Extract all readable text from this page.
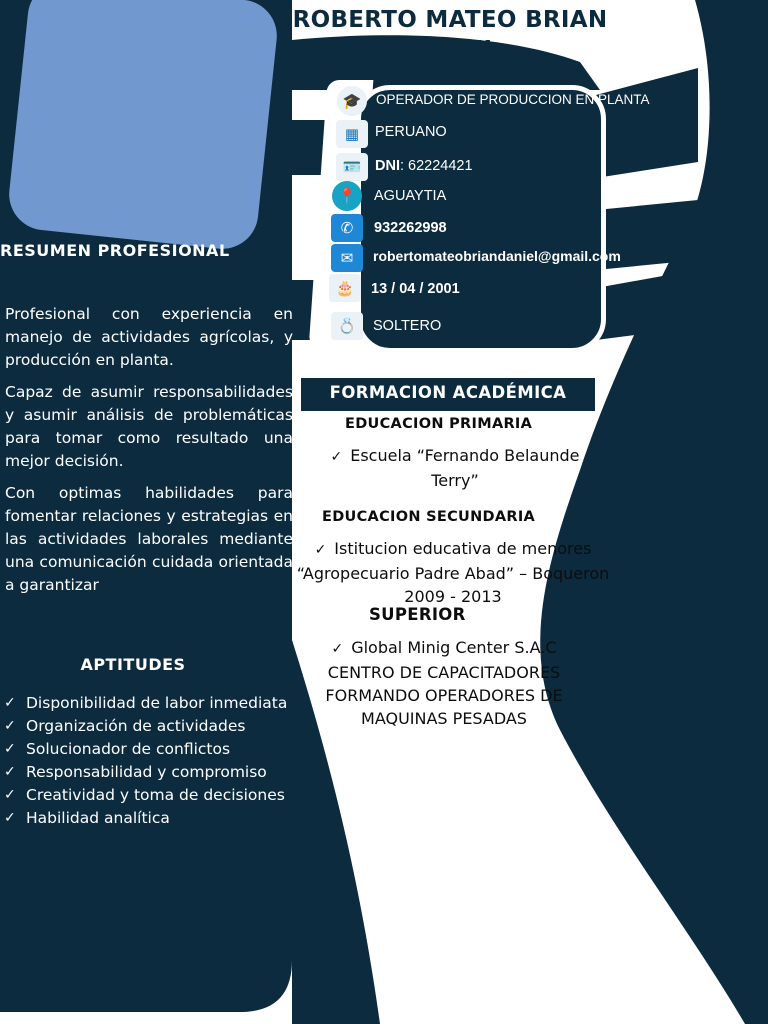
ROBERTO MATEO BRIAN DANIEL
RESUMEN PROFESIONAL

Profesional con experiencia en manejo de actividades agrícolas, y producción en planta.

Capaz de asumir responsabilidades y asumir análisis de problemáticas para tomar como resultado una mejor decisión.

Con optimas habilidades para fomentar relaciones y estrategias en las actividades laborales mediante una comunicación cuidada orientada a garantizar

APTITUDES
✓ Disponibilidad de labor inmediata
✓ Organización de actividades
✓ Solucionador de conflictos
✓ Responsabilidad y compromiso
✓ Creatividad y toma de decisiones
✓ Habilidad analítica
🎓
▦
🪪
📍
✆
✉
🎂
💍
OPERADOR DE PRODUCCION EN PLANTA
PERUANO
DNI: 62224421
AGUAYTIA
932262998
robertomateobriandaniel@gmail.com
13 / 04 / 2001
SOLTERO
FORMACION ACADÉMICA
EDUCACION PRIMARIA
✓ Escuela “Fernando Belaunde Terry”
EDUCACION SECUNDARIA
✓ Istitucion educativa de menores “Agropecuario Padre Abad” – Boqueron 2009 - 2013
SUPERIOR
✓ Global Minig Center S.A.C CENTRO DE CAPACITADORES FORMANDO OPERADORES DE MAQUINAS PESADAS
